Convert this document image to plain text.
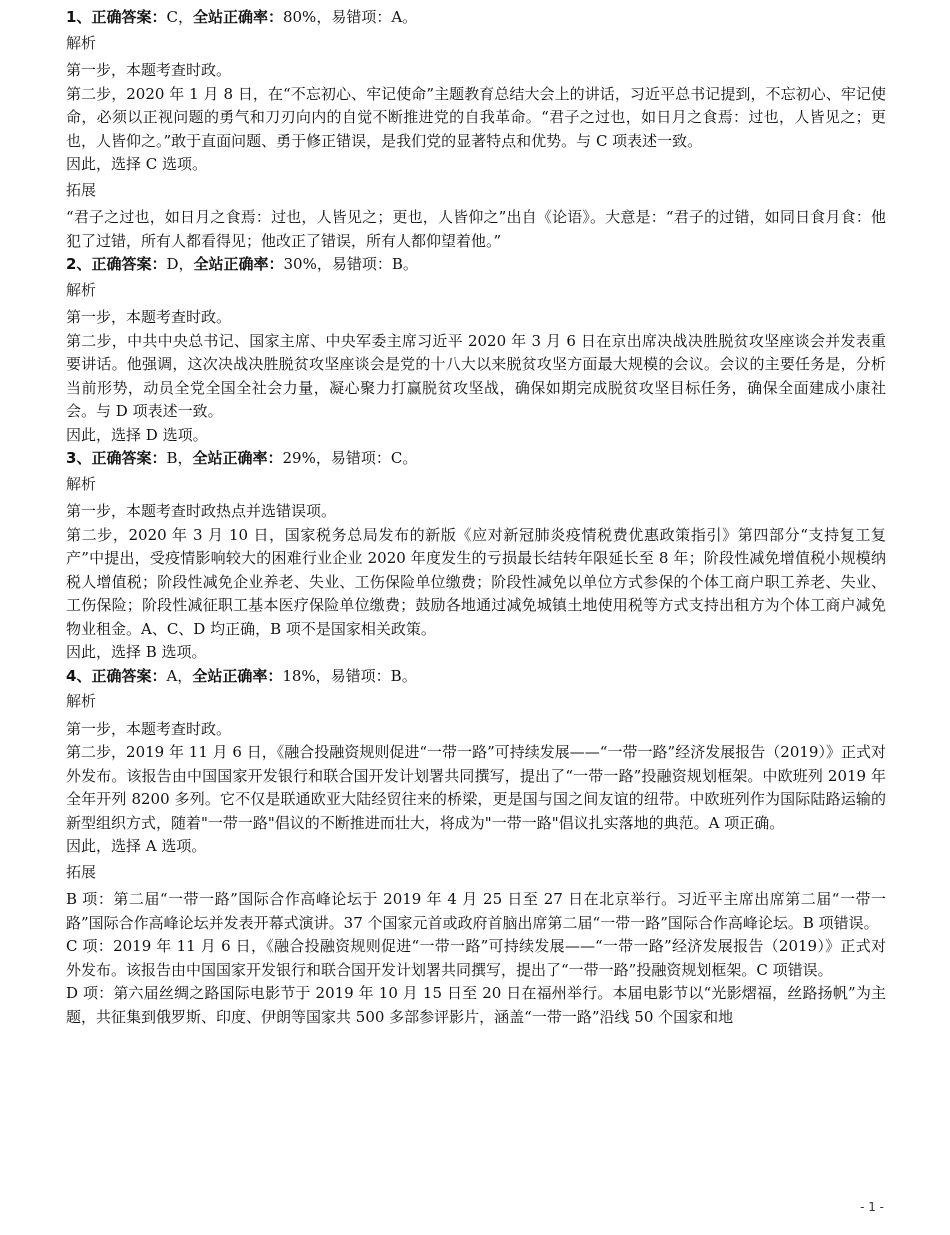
1、正确答案：C，全站正确率：80%，易错项：A。

解析

第一步，本题考查时政。

第二步，2020 年 1 月 8 日，在“不忘初心、牢记使命”主题教育总结大会上的讲话，习近平总书记提到，不忘初心、牢记使命，必须以正视问题的勇气和刀刃向内的自觉不断推进党的自我革命。“君子之过也，如日月之食焉：过也，人皆见之；更也，人皆仰之。”敢于直面问题、勇于修正错误，是我们党的显著特点和优势。与 C 项表述一致。

因此，选择 C 选项。

拓展

“君子之过也，如日月之食焉：过也，人皆见之；更也，人皆仰之”出自《论语》。大意是：“君子的过错，如同日食月食：他犯了过错，所有人都看得见；他改正了错误，所有人都仰望着他。”

2、正确答案：D，全站正确率：30%，易错项：B。

解析

第一步，本题考查时政。

第二步，中共中央总书记、国家主席、中央军委主席习近平 2020 年 3 月 6 日在京出席决战决胜脱贫攻坚座谈会并发表重要讲话。他强调，这次决战决胜脱贫攻坚座谈会是党的十八大以来脱贫攻坚方面最大规模的会议。会议的主要任务是，分析当前形势，动员全党全国全社会力量，凝心聚力打赢脱贫攻坚战，确保如期完成脱贫攻坚目标任务，确保全面建成小康社会。与 D 项表述一致。

因此，选择 D 选项。

3、正确答案：B，全站正确率：29%，易错项：C。

解析

第一步，本题考查时政热点并选错误项。

第二步，2020 年 3 月 10 日，国家税务总局发布的新版《应对新冠肺炎疫情税费优惠政策指引》第四部分“支持复工复产”中提出，受疫情影响较大的困难行业企业 2020 年度发生的亏损最长结转年限延长至 8 年；阶段性减免增值税小规模纳税人增值税；阶段性减免企业养老、失业、工伤保险单位缴费；阶段性减免以单位方式参保的个体工商户职工养老、失业、工伤保险；阶段性减征职工基本医疗保险单位缴费；鼓励各地通过减免城镇土地使用税等方式支持出租方为个体工商户减免物业租金。A、C、D 均正确，B 项不是国家相关政策。

因此，选择 B 选项。

4、正确答案：A，全站正确率：18%，易错项：B。

解析

第一步，本题考查时政。

第二步，2019 年 11 月 6 日，《融合投融资规则促进“一带一路”可持续发展——“一带一路”经济发展报告（2019）》正式对外发布。该报告由中国国家开发银行和联合国开发计划署共同撰写，提出了“一带一路”投融资规划框架。中欧班列 2019 年全年开列 8200 多列。它不仅是联通欧亚大陆经贸往来的桥梁，更是国与国之间友谊的纽带。中欧班列作为国际陆路运输的新型组织方式，随着"一带一路"倡议的不断推进而壮大，将成为"一带一路"倡议扎实落地的典范。A 项正确。

因此，选择 A 选项。

拓展

B 项：第二届“一带一路”国际合作高峰论坛于 2019 年 4 月 25 日至 27 日在北京举行。习近平主席出席第二届“一带一路”国际合作高峰论坛并发表开幕式演讲。37 个国家元首或政府首脑出席第二届“一带一路”国际合作高峰论坛。B 项错误。

C 项：2019 年 11 月 6 日，《融合投融资规则促进“一带一路”可持续发展——“一带一路”经济发展报告（2019）》正式对外发布。该报告由中国国家开发银行和联合国开发计划署共同撰写，提出了“一带一路”投融资规划框架。C 项错误。

D 项：第六届丝绸之路国际电影节于 2019 年 10 月 15 日至 20 日在福州举行。本届电影节以“光影熠福，丝路扬帆”为主题，共征集到俄罗斯、印度、伊朗等国家共 500 多部参评影片，涵盖“一带一路”沿线 50 个国家和地

- 1 -
